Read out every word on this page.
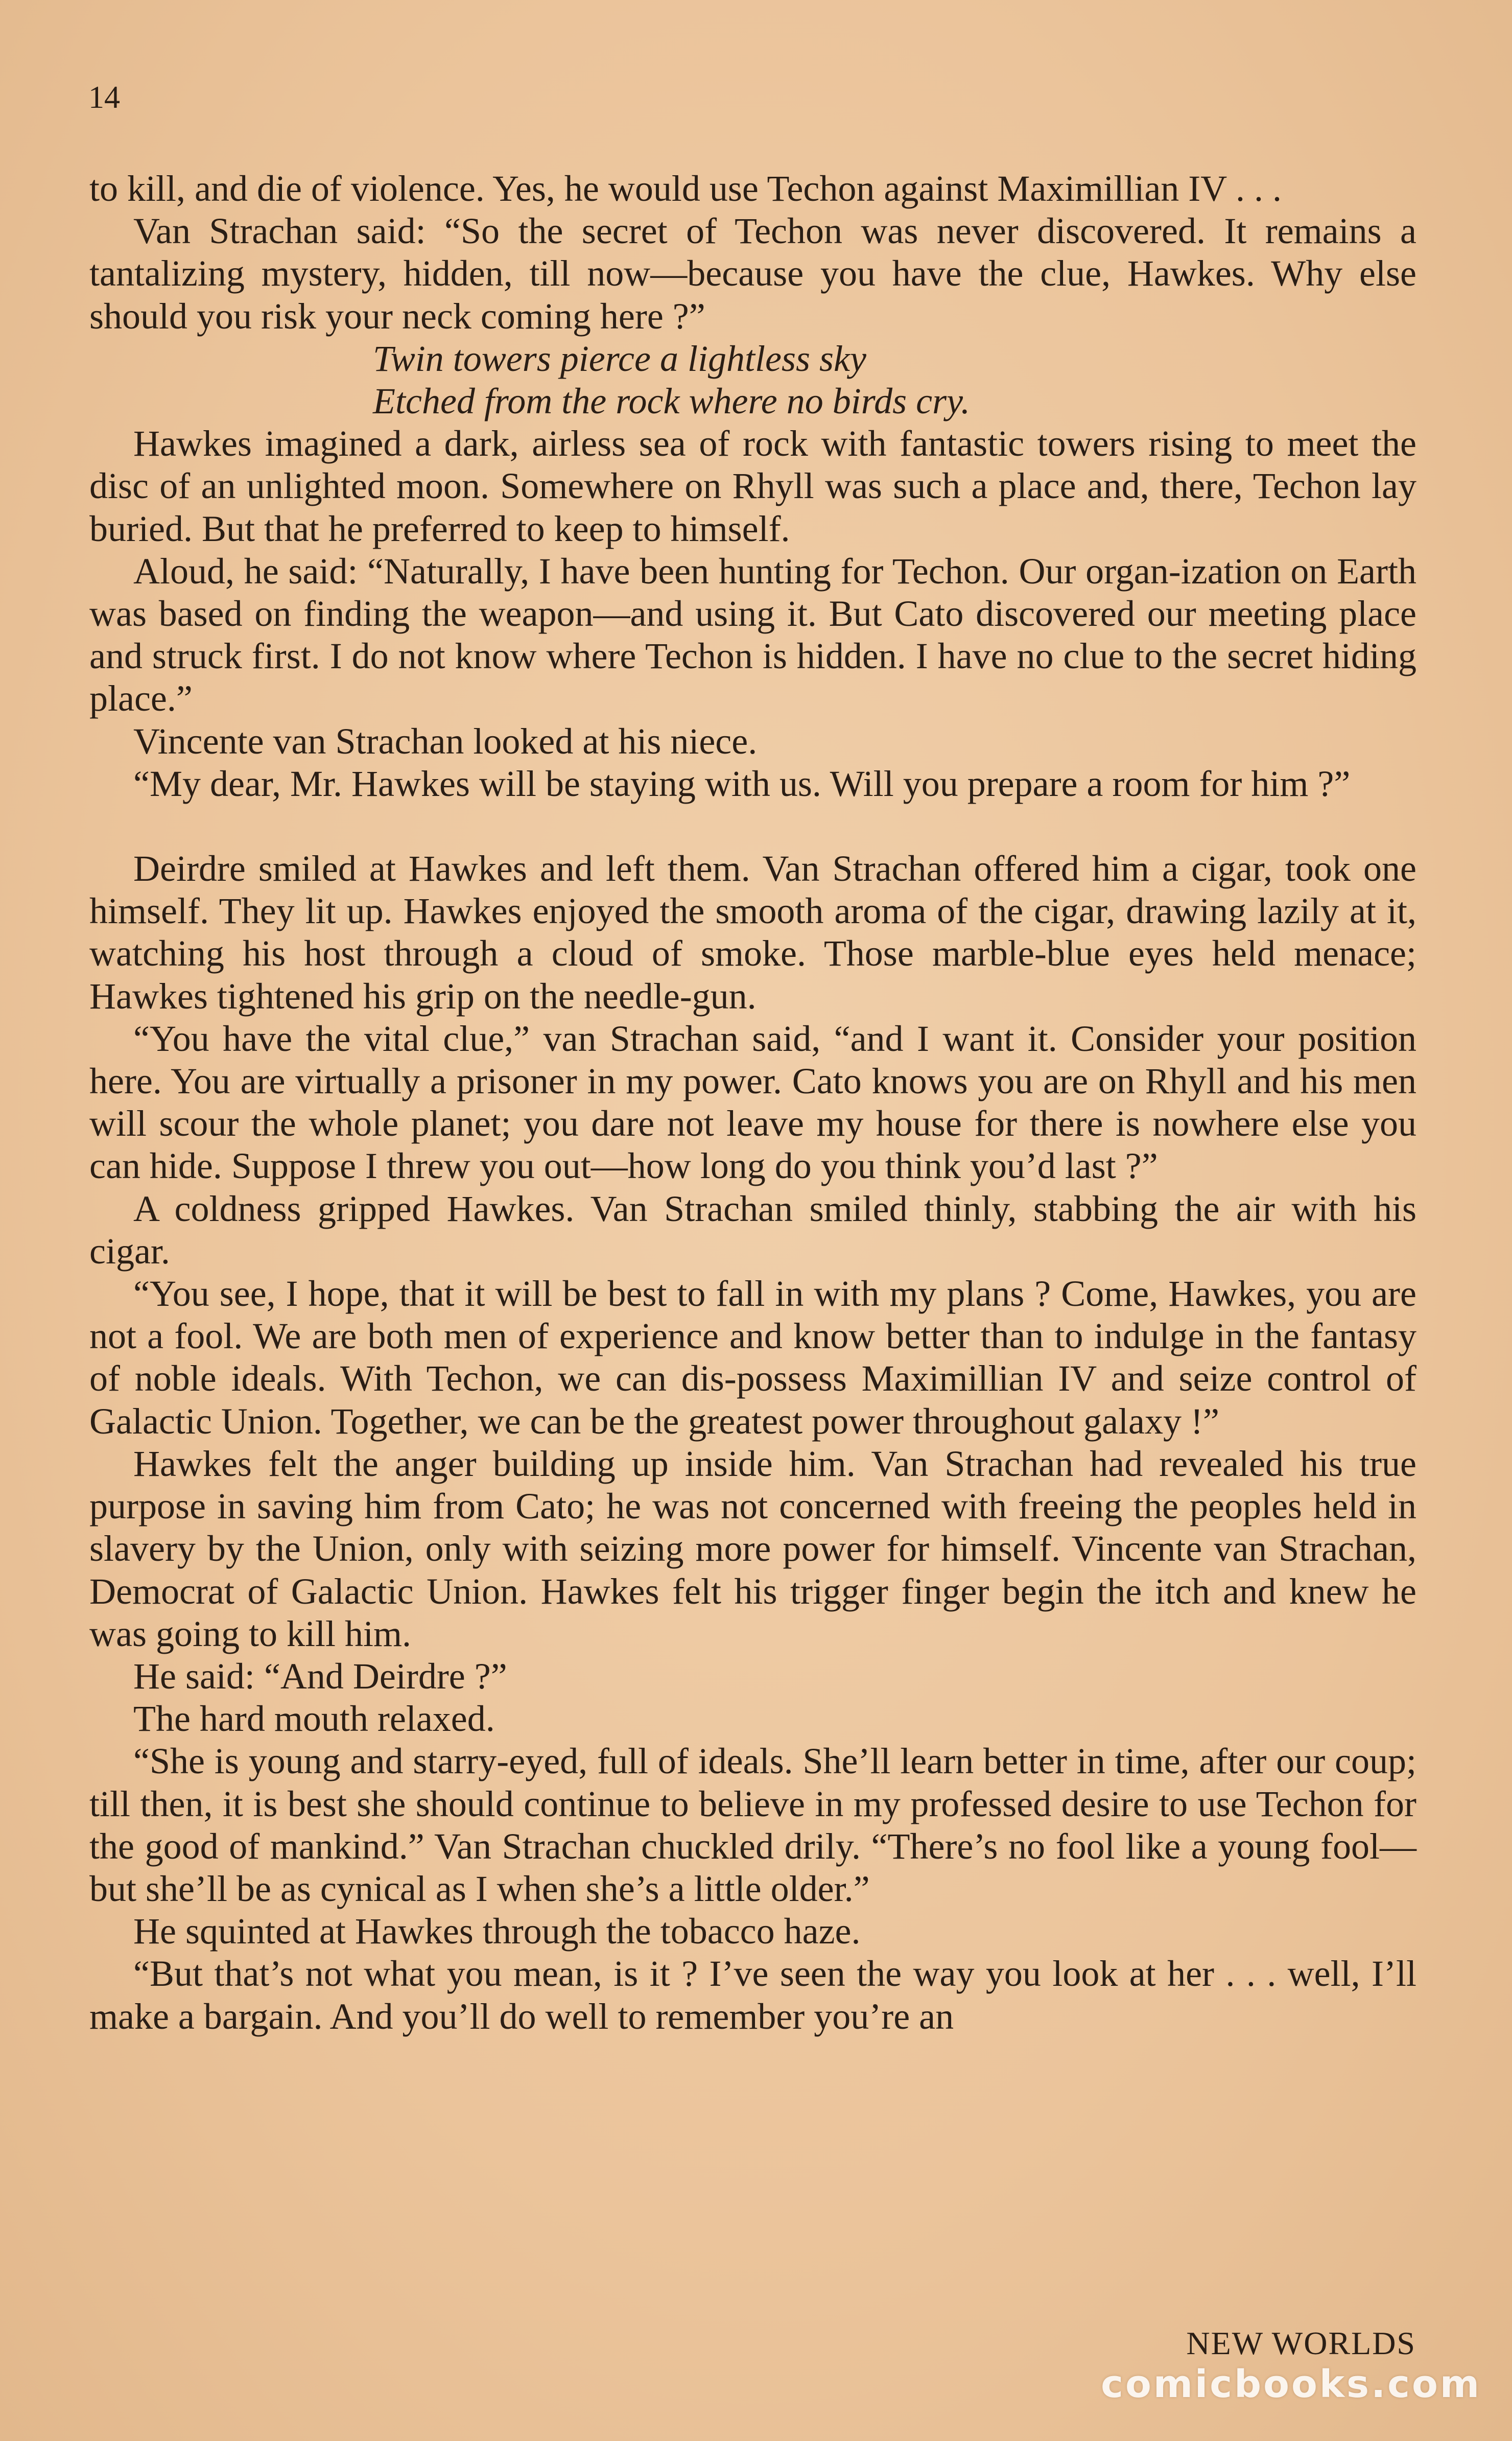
14

to kill, and die of violence. Yes, he would use Techon against Maximillian IV . . .

Van Strachan said: “So the secret of Techon was never discovered. It remains a tantalizing mystery, hidden, till now—because you have the clue, Hawkes. Why else should you risk your neck coming here ?”

Twin towers pierce a lightless sky

Etched from the rock where no birds cry.

Hawkes imagined a dark, airless sea of rock with fantastic towers rising to meet the disc of an unlighted moon. Somewhere on Rhyll was such a place and, there, Techon lay buried. But that he preferred to keep to himself.

Aloud, he said: “Naturally, I have been hunting for Techon. Our organ-ization on Earth was based on finding the weapon—and using it. But Cato discovered our meeting place and struck first. I do not know where Techon is hidden. I have no clue to the secret hiding place.”

Vincente van Strachan looked at his niece.

“My dear, Mr. Hawkes will be staying with us. Will you prepare a room for him ?”

Deirdre smiled at Hawkes and left them. Van Strachan offered him a cigar, took one himself. They lit up. Hawkes enjoyed the smooth aroma of the cigar, drawing lazily at it, watching his host through a cloud of smoke. Those marble-blue eyes held menace; Hawkes tightened his grip on the needle-gun.

“You have the vital clue,” van Strachan said, “and I want it. Consider your position here. You are virtually a prisoner in my power. Cato knows you are on Rhyll and his men will scour the whole planet; you dare not leave my house for there is nowhere else you can hide. Suppose I threw you out—how long do you think you’d last ?”

A coldness gripped Hawkes. Van Strachan smiled thinly, stabbing the air with his cigar.

“You see, I hope, that it will be best to fall in with my plans ? Come, Hawkes, you are not a fool. We are both men of experience and know better than to indulge in the fantasy of noble ideals. With Techon, we can dis-possess Maximillian IV and seize control of Galactic Union. Together, we can be the greatest power throughout galaxy !”

Hawkes felt the anger building up inside him. Van Strachan had revealed his true purpose in saving him from Cato; he was not concerned with freeing the peoples held in slavery by the Union, only with seizing more power for himself. Vincente van Strachan, Democrat of Galactic Union. Hawkes felt his trigger finger begin the itch and knew he was going to kill him.

He said: “And Deirdre ?”

The hard mouth relaxed.

“She is young and starry-eyed, full of ideals. She’ll learn better in time, after our coup; till then, it is best she should continue to believe in my professed desire to use Techon for the good of mankind.” Van Strachan chuckled drily. “There’s no fool like a young fool—but she’ll be as cynical as I when she’s a little older.”

He squinted at Hawkes through the tobacco haze.

“But that’s not what you mean, is it ? I’ve seen the way you look at her . . . well, I’ll make a bargain. And you’ll do well to remember you’re an

NEW WORLDS
comicbooks.com
